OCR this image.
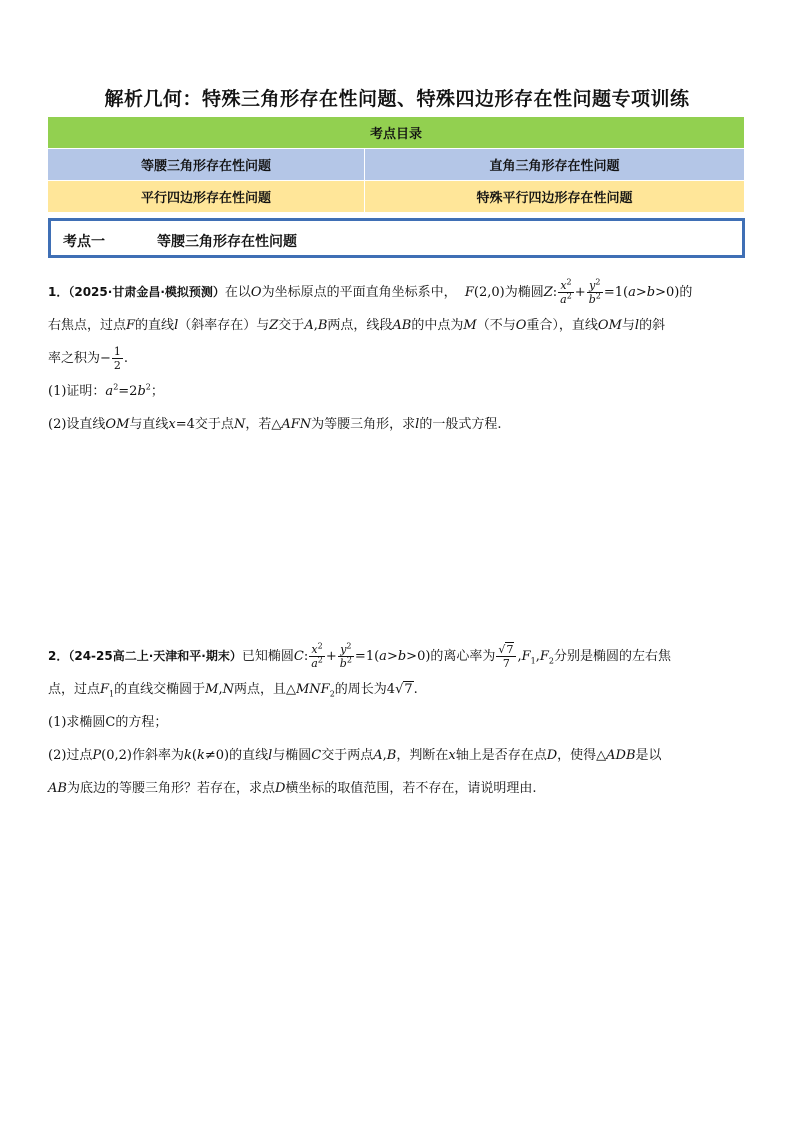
解析几何：特殊三角形存在性问题、特殊四边形存在性问题专项训练
考点目录	
等腰三角形存在性问题	直角三角形存在性问题
平行四边形存在性问题	特殊平行四边形存在性问题
考点一	等腰三角形存在性问题

1．（2025·甘肃金昌·模拟预测）在以O为坐标原点的平面直角坐标系中，  F(2,0)为椭圆Z: $\frac{x^2}{a^2} + \frac{y^2}{b^2} =1(a>b>0)$的

右焦点，过点F的直线l（斜率存在）与Z交于A,B两点，线段AB的中点为M（不与O重合），直线OM与l的斜

率之积为− $\frac{1}{2}$ .

(1)证明：$a^2=2b^2$；

(2)设直线OM与直线x=4交于点N，若△AFN为等腰三角形，求l的一般式方程.

2．（24-25高二上·天津和平·期末）已知椭圆C: $\frac{x^2}{a^2} + \frac{y^2}{b^2} =1(a>b>0)$的离心率为 $\frac{√7}{7} ,F_1,F_2$分别是椭圆的左右焦

点，过点$F_1$的直线交椭圆于M,N两点，且$\triangle MNF_2$的周长为4√7.

(1)求椭圆C的方程；

(2)过点P(0,2)作斜率为k(k≠0)的直线l与椭圆C交于两点A,B，判断在x轴上是否存在点D，使得△ADB是以

AB为底边的等腰三角形？若存在，求点D横坐标的取值范围，若不存在，请说明理由.
